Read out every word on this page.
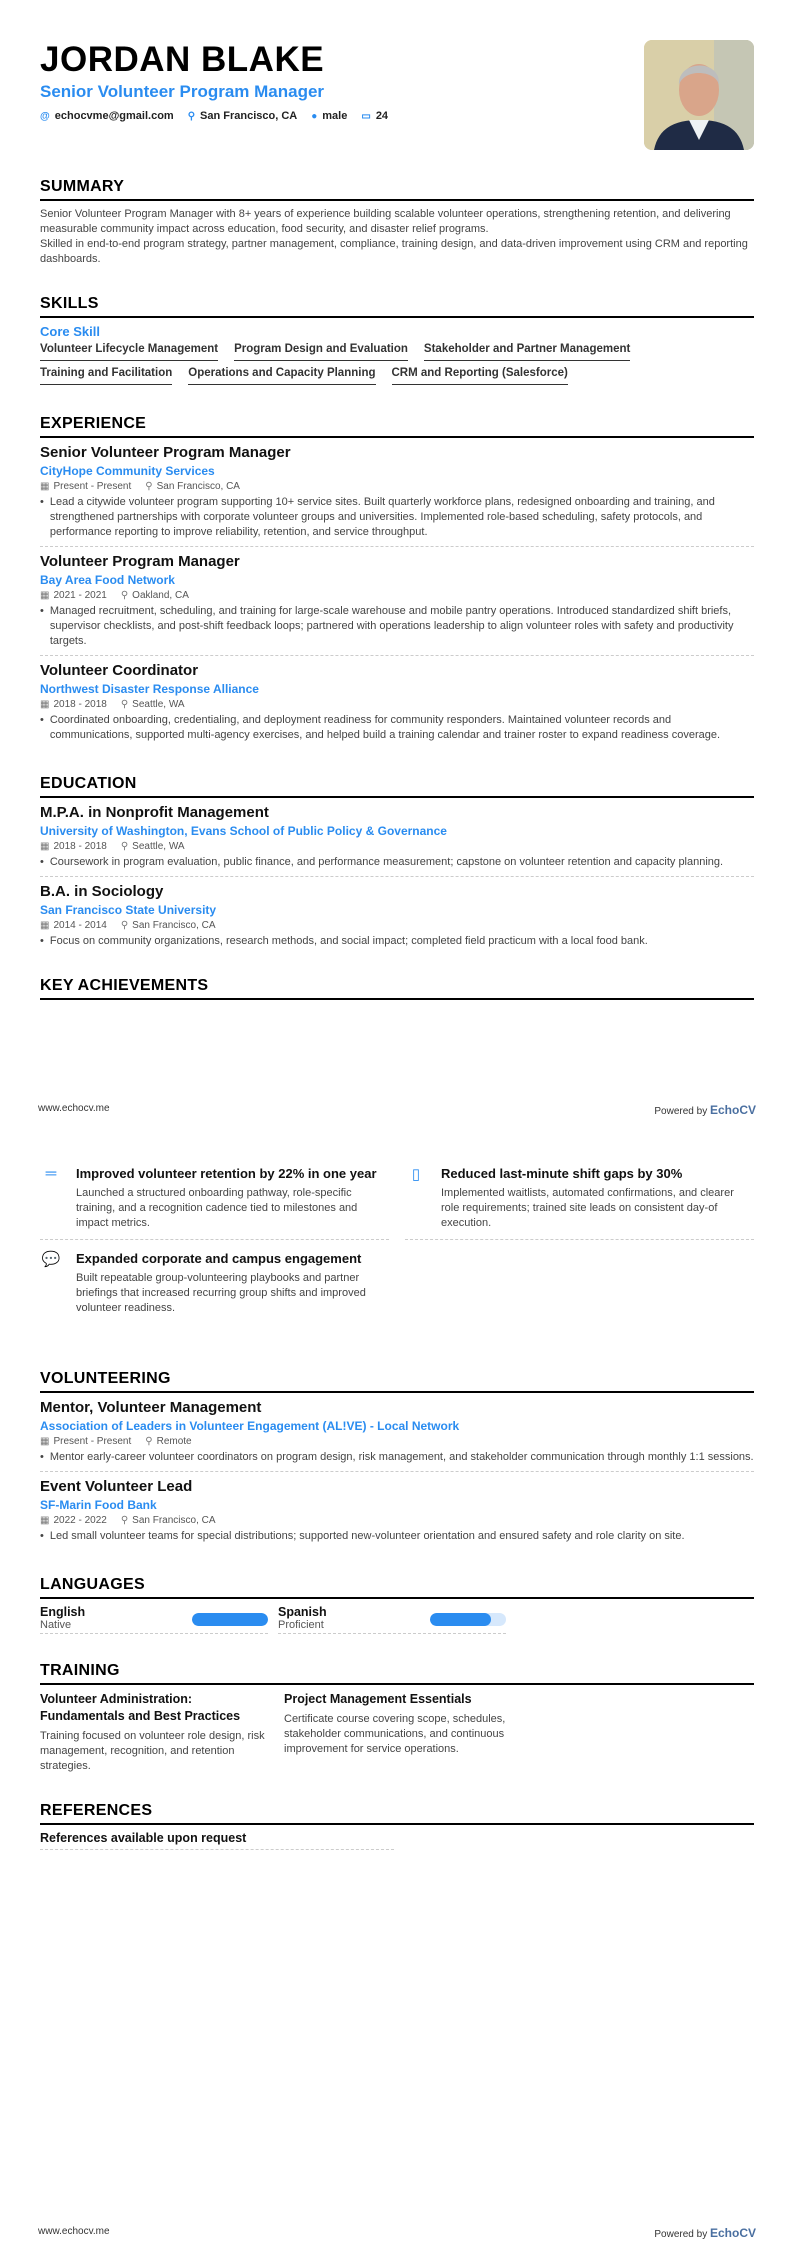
JORDAN BLAKE
Senior Volunteer Program Manager
@ echocvme@gmail.com ⚲ San Francisco, CA ● male ▭ 24
SUMMARY

Senior Volunteer Program Manager with 8+ years of experience building scalable volunteer operations, strengthening retention, and delivering measurable community impact across education, food security, and disaster relief programs.

Skilled in end-to-end program strategy, partner management, compliance, training design, and data-driven improvement using CRM and reporting dashboards.

SKILLS
Core Skill
Volunteer Lifecycle Management Program Design and Evaluation Stakeholder and Partner Management
Training and Facilitation Operations and Capacity Planning CRM and Reporting (Salesforce)
EXPERIENCE
Senior Volunteer Program Manager
CityHope Community Services
▦ Present - Present ⚲ San Francisco, CA
• Lead a citywide volunteer program supporting 10+ service sites. Built quarterly workforce plans, redesigned onboarding and training, and strengthened partnerships with corporate volunteer groups and universities. Implemented role-based scheduling, safety protocols, and performance reporting to improve reliability, retention, and service throughput.
Volunteer Program Manager
Bay Area Food Network
▦ 2021 - 2021 ⚲ Oakland, CA
• Managed recruitment, scheduling, and training for large-scale warehouse and mobile pantry operations. Introduced standardized shift briefs, supervisor checklists, and post-shift feedback loops; partnered with operations leadership to align volunteer roles with safety and productivity targets.
Volunteer Coordinator
Northwest Disaster Response Alliance
▦ 2018 - 2018 ⚲ Seattle, WA
• Coordinated onboarding, credentialing, and deployment readiness for community responders. Maintained volunteer records and communications, supported multi-agency exercises, and helped build a training calendar and trainer roster to expand readiness coverage.
EDUCATION
M.P.A. in Nonprofit Management
University of Washington, Evans School of Public Policy & Governance
▦ 2018 - 2018 ⚲ Seattle, WA
• Coursework in program evaluation, public finance, and performance measurement; capstone on volunteer retention and capacity planning.
B.A. in Sociology
San Francisco State University
▦ 2014 - 2014 ⚲ San Francisco, CA
• Focus on community organizations, research methods, and social impact; completed field practicum with a local food bank.
KEY ACHIEVEMENTS
www.echocv.me	Powered by EchoCV
═	Improved volunteer retention by 22% in one year
Launched a structured onboarding pathway, role-specific training, and a recognition cadence tied to milestones and impact metrics.
💬 Expanded corporate and campus engagement
Built repeatable group-volunteering playbooks and partner briefings that increased recurring group shifts and improved volunteer readiness.
▯	Reduced last-minute shift gaps by 30%
Implemented waitlists, automated confirmations, and clearer role requirements; trained site leads on consistent day-of execution.
VOLUNTEERING
Mentor, Volunteer Management
Association of Leaders in Volunteer Engagement (AL!VE) - Local Network
▦ Present - Present ⚲ Remote
• Mentor early-career volunteer coordinators on program design, risk management, and stakeholder communication through monthly 1:1 sessions.
Event Volunteer Lead
SF-Marin Food Bank
▦ 2022 - 2022 ⚲ San Francisco, CA
• Led small volunteer teams for special distributions; supported new-volunteer orientation and ensured safety and role clarity on site.
LANGUAGES
English
Native
Spanish
Proficient
TRAINING
Volunteer Administration: Fundamentals and Best Practices
Training focused on volunteer role design, risk management, recognition, and retention strategies.
Project Management Essentials
Certificate course covering scope, schedules, stakeholder communications, and continuous improvement for service operations.
REFERENCES
References available upon request
www.echocv.me	Powered by EchoCV
